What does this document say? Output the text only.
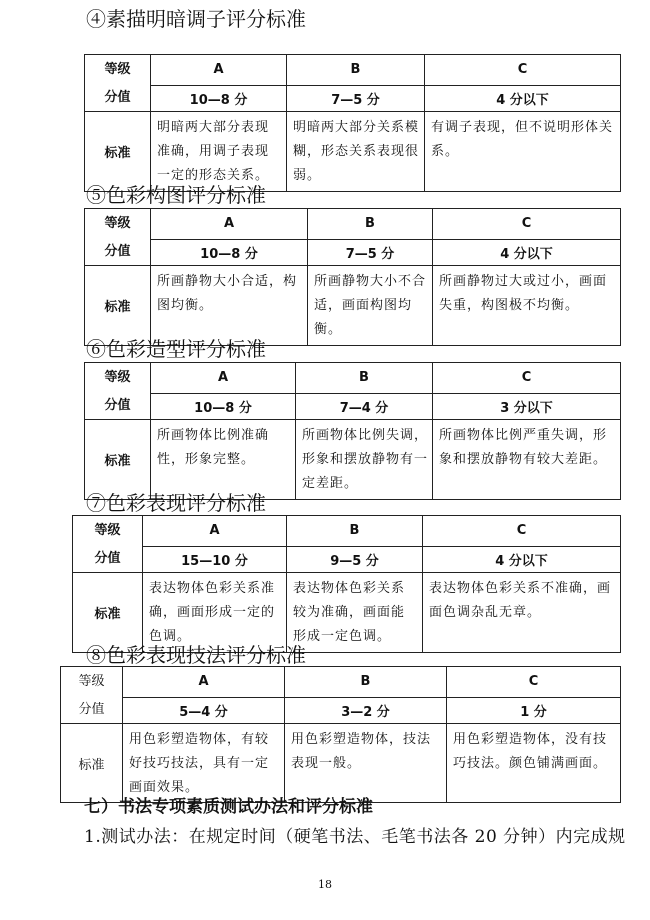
④素描明暗调子评分标准
等级	A	B	C
分值	10—8 分	7—5 分	4 分以下
标准	明暗两大部分表现准确，用调子表现一定的形态关系。	明暗两大部分关系模糊，形态关系表现很弱。	有调子表现，但不说明形体关系。
⑤色彩构图评分标准
等级	A	B	C
分值	10—8 分	7—5 分	4 分以下
标准	所画静物大小合适，构图均衡。	所画静物大小不合适，画面构图均衡。	所画静物过大或过小，画面失重，构图极不均衡。
⑥色彩造型评分标准
等级	A	B	C
分值	10—8 分	7—4 分	3 分以下
标准	所画物体比例准确性，形象完整。	所画物体比例失调，形象和摆放静物有一定差距。	所画物体比例严重失调，形象和摆放静物有较大差距。
⑦色彩表现评分标准
等级	A	B	C
分值	15—10 分	9—5 分	4 分以下
标准	表达物体色彩关系准确，画面形成一定的色调。	表达物体色彩关系较为准确，画面能形成一定色调。	表达物体色彩关系不准确，画面色调杂乱无章。
⑧色彩表现技法评分标准
等级	A	B	C
分值	5—4 分	3—2 分	1 分
标准	用色彩塑造物体，有较好技巧技法，具有一定画面效果。	用色彩塑造物体，技法表现一般。	用色彩塑造物体，没有技巧技法。颜色铺满画面。
七）书法专项素质测试办法和评分标准
1.测试办法：在规定时间（硬笔书法、毛笔书法各 20 分钟）内完成规
18
